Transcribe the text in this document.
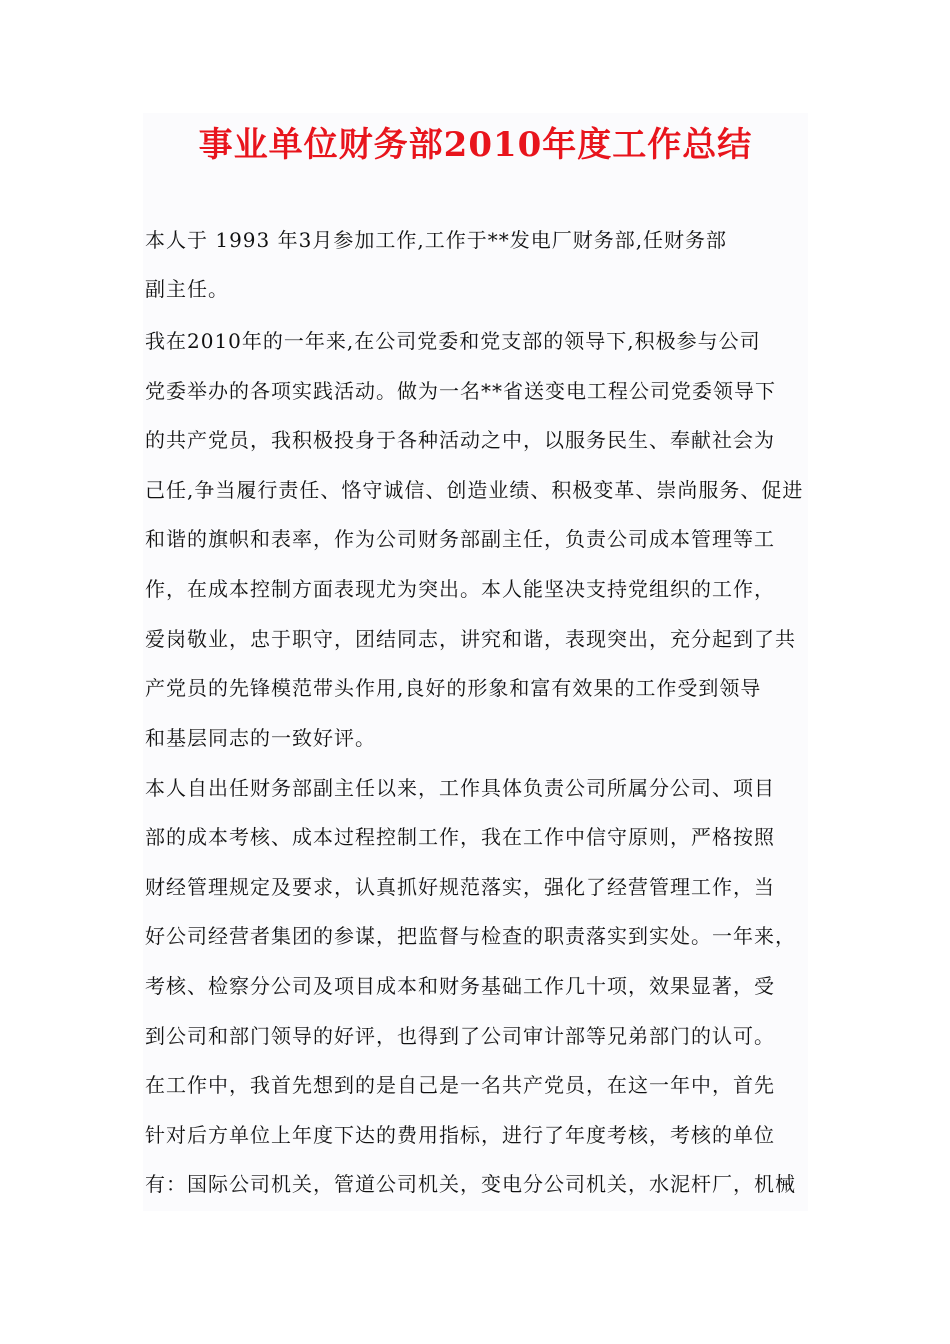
事业单位财务部2010年度工作总结
本人于 1993 年3月参加工作,工作于**发电厂财务部,任财务部
副主任。
我在2010年的一年来,在公司党委和党支部的领导下,积极参与公司
党委举办的各项实践活动。做为一名**省送变电工程公司党委领导下
的共产党员，我积极投身于各种活动之中，以服务民生、奉献社会为
己任,争当履行责任、恪守诚信、创造业绩、积极变革、崇尚服务、促进
和谐的旗帜和表率，作为公司财务部副主任，负责公司成本管理等工
作，在成本控制方面表现尤为突出。本人能坚决支持党组织的工作，
爱岗敬业，忠于职守，团结同志，讲究和谐，表现突出，充分起到了共
产党员的先锋模范带头作用,良好的形象和富有效果的工作受到领导
和基层同志的一致好评。
本人自出任财务部副主任以来，工作具体负责公司所属分公司、项目
部的成本考核、成本过程控制工作，我在工作中信守原则，严格按照
财经管理规定及要求，认真抓好规范落实，强化了经营管理工作，当
好公司经营者集团的参谋，把监督与检查的职责落实到实处。一年来，
考核、检察分公司及项目成本和财务基础工作几十项，效果显著，受
到公司和部门领导的好评，也得到了公司审计部等兄弟部门的认可。
在工作中，我首先想到的是自己是一名共产党员，在这一年中，首先
针对后方单位上年度下达的费用指标，进行了年度考核，考核的单位
有：国际公司机关，管道公司机关，变电分公司机关，水泥杆厂，机械
